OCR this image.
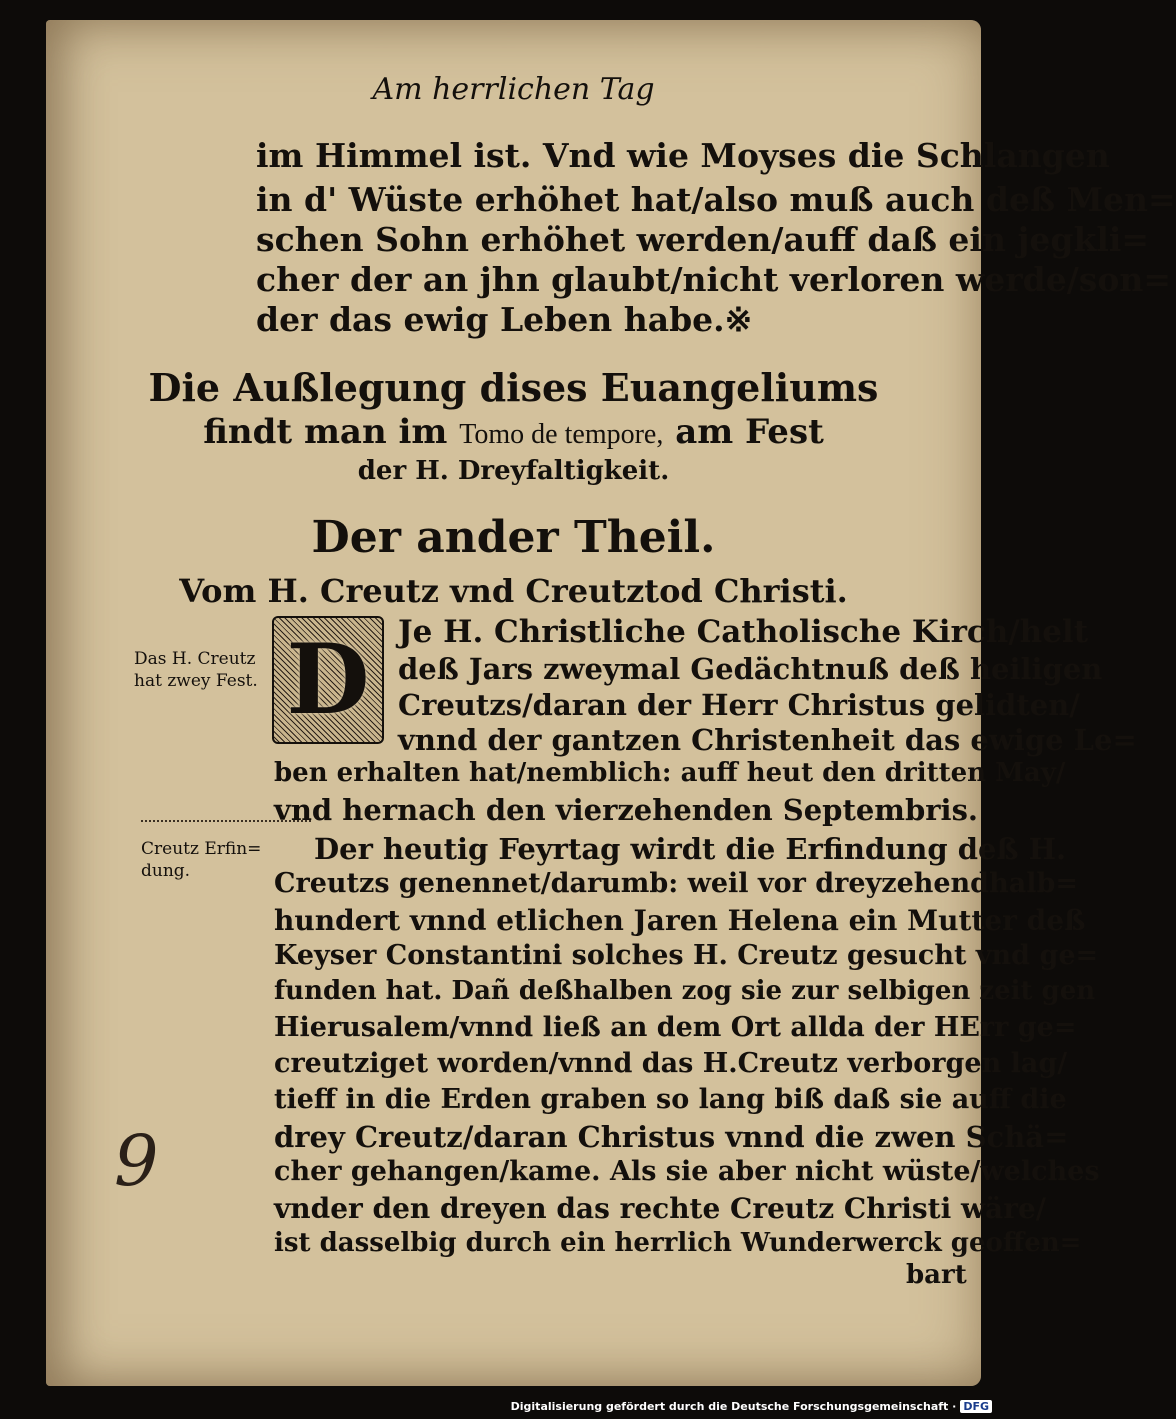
Am herrlichen Tag
im Himmel ist. Vnd wie Moyses die Schlangen
in d' Wüste erhöhet hat/also muß auch deß Men=
schen Sohn erhöhet werden/auff daß ein jegkli=
cher der an jhn glaubt/nicht verloren werde/son=
der das ewig Leben habe.※
Die Außlegung dises Euangeliums
findt man im Tomo de tempore, am Fest
der H. Dreyfaltigkeit.
Der ander Theil.
Vom H. Creutz vnd Creutztod Christi.
D Je H. Christliche Catholische Kirch/helt
deß Jars zweymal Gedächtnuß deß heiligen
Creutzs/daran der Herr Christus gelidten/
vnnd der gantzen Christenheit das ewige Le=
ben erhalten hat/nemblich: auff heut den dritten May/
vnd hernach den vierzehenden Septembris.
Der heutig Feyrtag wirdt die Erfindung deß H.
Creutzs genennet/darumb: weil vor dreyzehendhalb=
hundert vnnd etlichen Jaren Helena ein Mutter deß
Keyser Constantini solches H. Creutz gesucht vnd ge=
funden hat. Dañ deßhalben zog sie zur selbigen zeit gen
Hierusalem/vnnd ließ an dem Ort allda der HErr ge=
creutziget worden/vnnd das H.Creutz verborgen lag/
tieff in die Erden graben so lang biß daß sie auff die
drey Creutz/daran Christus vnnd die zwen Schä=
cher gehangen/kame. Als sie aber nicht wüste/welches
vnder den dreyen das rechte Creutz Christi wäre/
ist dasselbig durch ein herrlich Wunderwerck geoffen=
bart
Das H. Creutz
hat zwey Fest.
Creutz Erfin=
dung.
9
Digitalisierung gefördert durch die Deutsche Forschungsgemeinschaft · DFG
